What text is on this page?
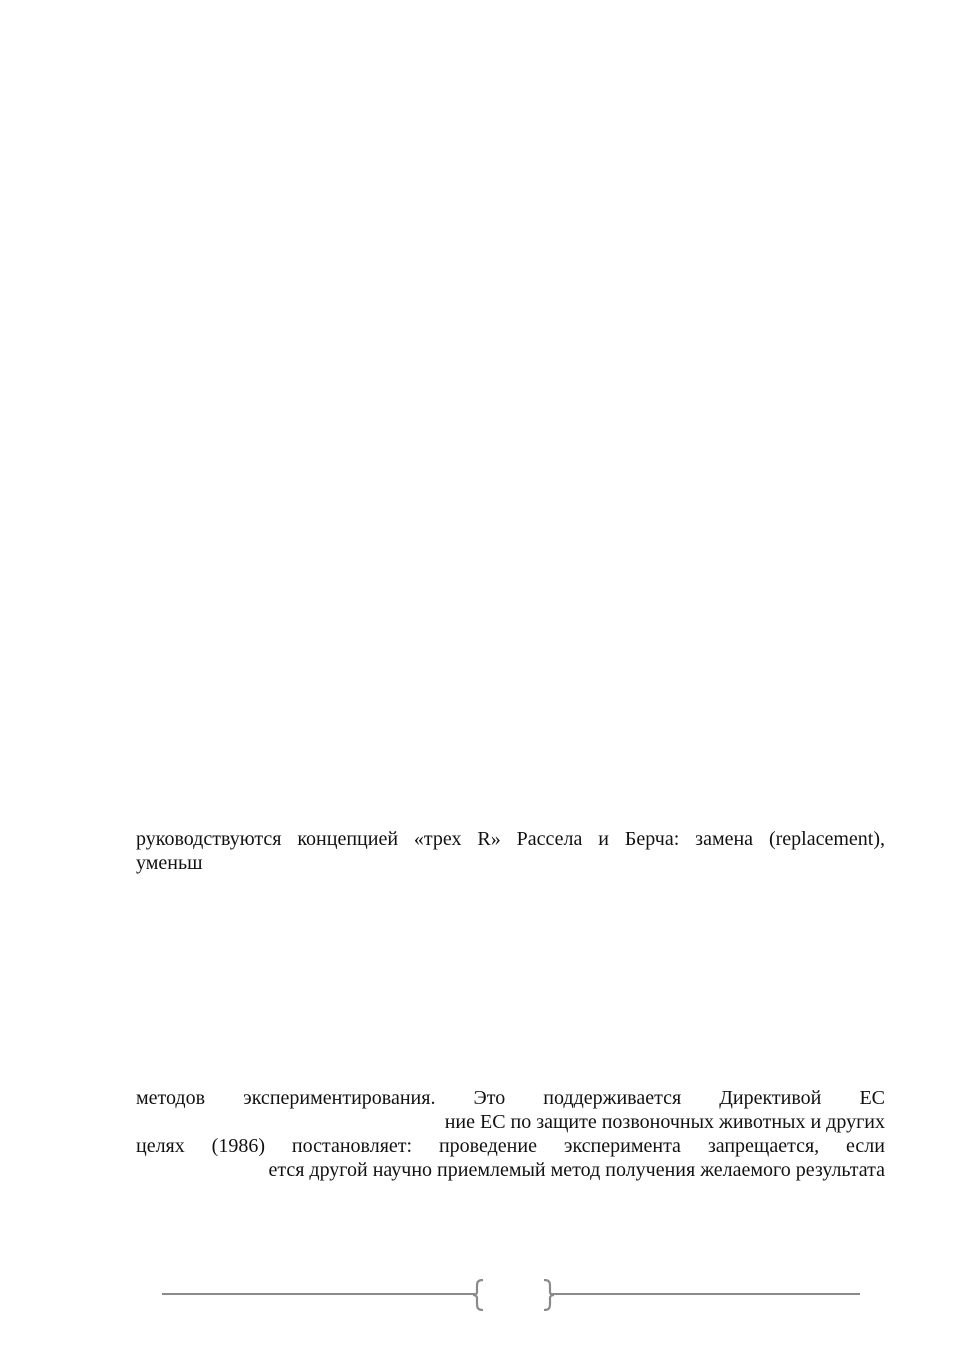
руководствуются концепцией «трех R» Рассела и Берча: замена (replacement),
уменьш
методов экспериментирования. Это поддерживается Директивой ЕС
ние ЕС по защите позвоночных животных и других
целях (1986) постановляет: проведение эксперимента запрещается, если
ется другой научно приемлемый метод получения желаемого результата
